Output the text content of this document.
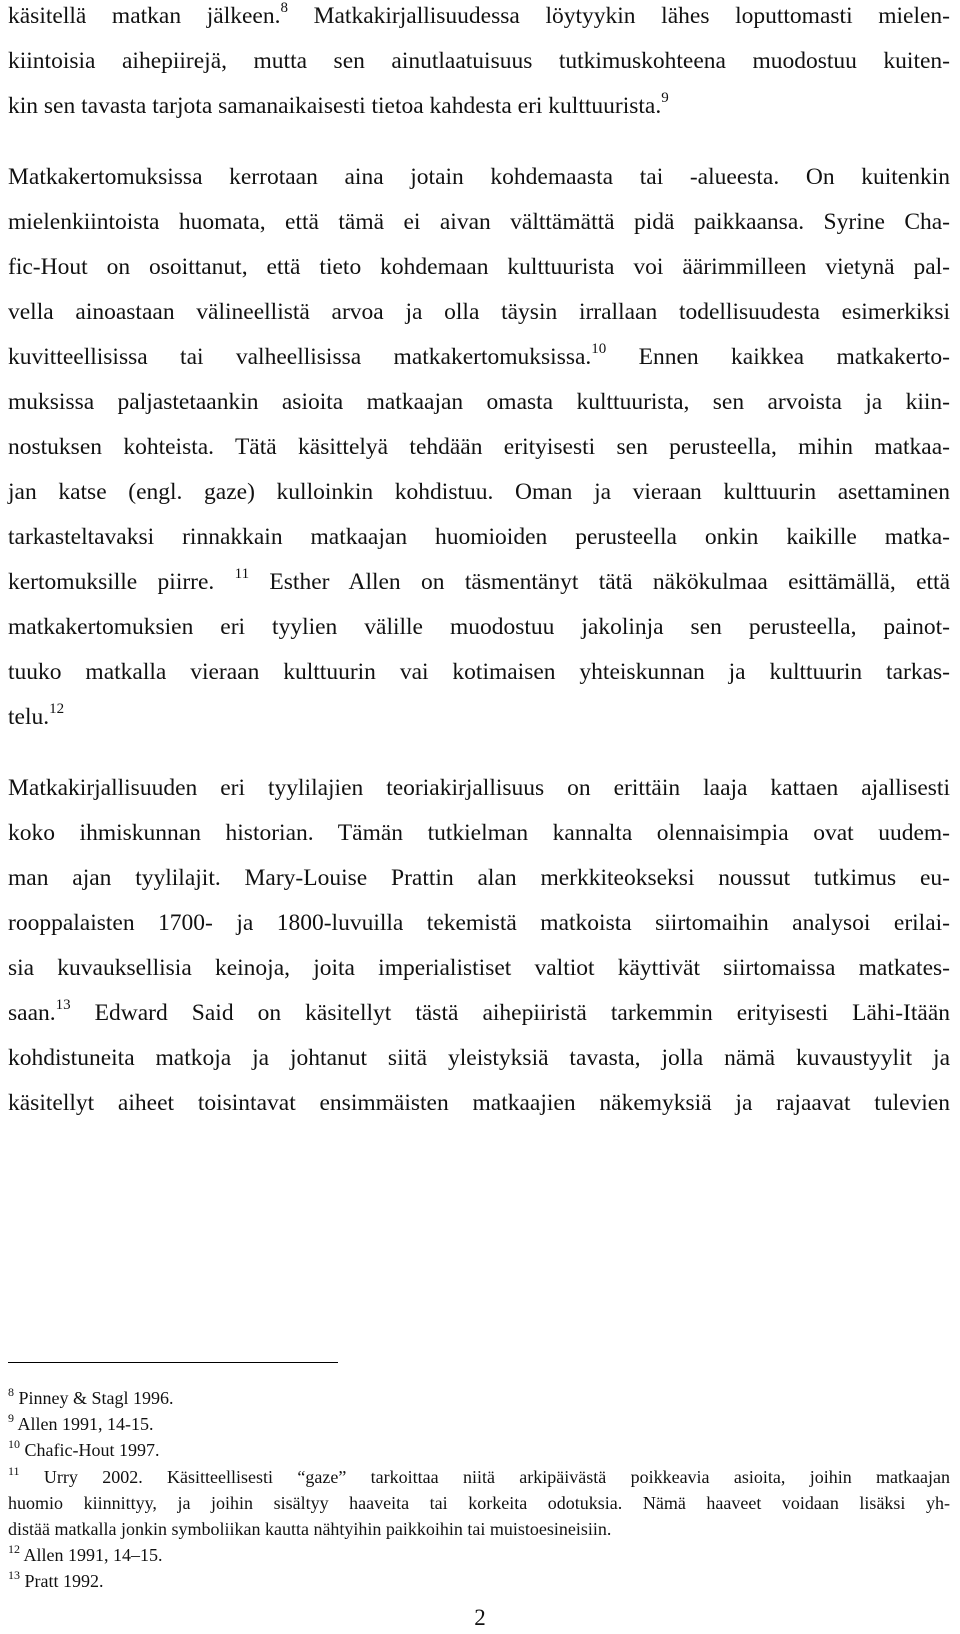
käsitellä matkan jälkeen.$^8$ Matkakirjallisuudessa löytyykin lähes loputtomasti mielen-
kiintoisia aihepiirejä, mutta sen ainutlaatuisuus tutkimuskohteena muodostuu kuiten-
kin sen tavasta tarjota samanaikaisesti tietoa kahdesta eri kulttuurista.$^9$
Matkakertomuksissa kerrotaan aina jotain kohdemaasta tai -alueesta. On kuitenkin
mielenkiintoista huomata, että tämä ei aivan välttämättä pidä paikkaansa. Syrine Cha-
fic-Hout on osoittanut, että tieto kohdemaan kulttuurista voi äärimmilleen vietynä pal-
vella ainoastaan välineellistä arvoa ja olla täysin irrallaan todellisuudesta esimerkiksi
kuvitteellisissa tai valheellisissa matkakertomuksissa.$^{10}$ Ennen kaikkea matkakerto-
muksissa paljastetaankin asioita matkaajan omasta kulttuurista, sen arvoista ja kiin-
nostuksen kohteista. Tätä käsittelyä tehdään erityisesti sen perusteella, mihin matkaa-
jan katse (engl. gaze) kulloinkin kohdistuu. Oman ja vieraan kulttuurin asettaminen
tarkasteltavaksi rinnakkain matkaajan huomioiden perusteella onkin kaikille matka-
kertomuksille piirre. $^{11}$ Esther Allen on täsmentänyt tätä näkökulmaa esittämällä, että
matkakertomuksien eri tyylien välille muodostuu jakolinja sen perusteella, painot-
tuuko matkalla vieraan kulttuurin vai kotimaisen yhteiskunnan ja kulttuurin tarkas-
telu.$^{12}$
Matkakirjallisuuden eri tyylilajien teoriakirjallisuus on erittäin laaja kattaen ajallisesti
koko ihmiskunnan historian. Tämän tutkielman kannalta olennaisimpia ovat uudem-
man ajan tyylilajit. Mary-Louise Prattin alan merkkiteokseksi noussut tutkimus eu-
rooppalaisten 1700- ja 1800-luvuilla tekemistä matkoista siirtomaihin analysoi erilai-
sia kuvauksellisia keinoja, joita imperialistiset valtiot käyttivät siirtomaissa matkates-
saan.$^{13}$ Edward Said on käsitellyt tästä aihepiiristä tarkemmin erityisesti Lähi-Itään
kohdistuneita matkoja ja johtanut siitä yleistyksiä tavasta, jolla nämä kuvaustyylit ja
käsitellyt aiheet toisintavat ensimmäisten matkaajien näkemyksiä ja rajaavat tulevien
$^8$ Pinney & Stagl 1996.
$^9$ Allen 1991, 14-15.
$^{10}$ Chafic-Hout 1997.
$^{11}$ Urry 2002. Käsitteellisesti “gaze” tarkoittaa niitä arkipäivästä poikkeavia asioita, joihin matkaajan
huomio kiinnittyy, ja joihin sisältyy haaveita tai korkeita odotuksia. Nämä haaveet voidaan lisäksi yh-
distää matkalla jonkin symboliikan kautta nähtyihin paikkoihin tai muistoesineisiin.
$^{12}$ Allen 1991, 14–15.
$^{13}$ Pratt 1992.
2
